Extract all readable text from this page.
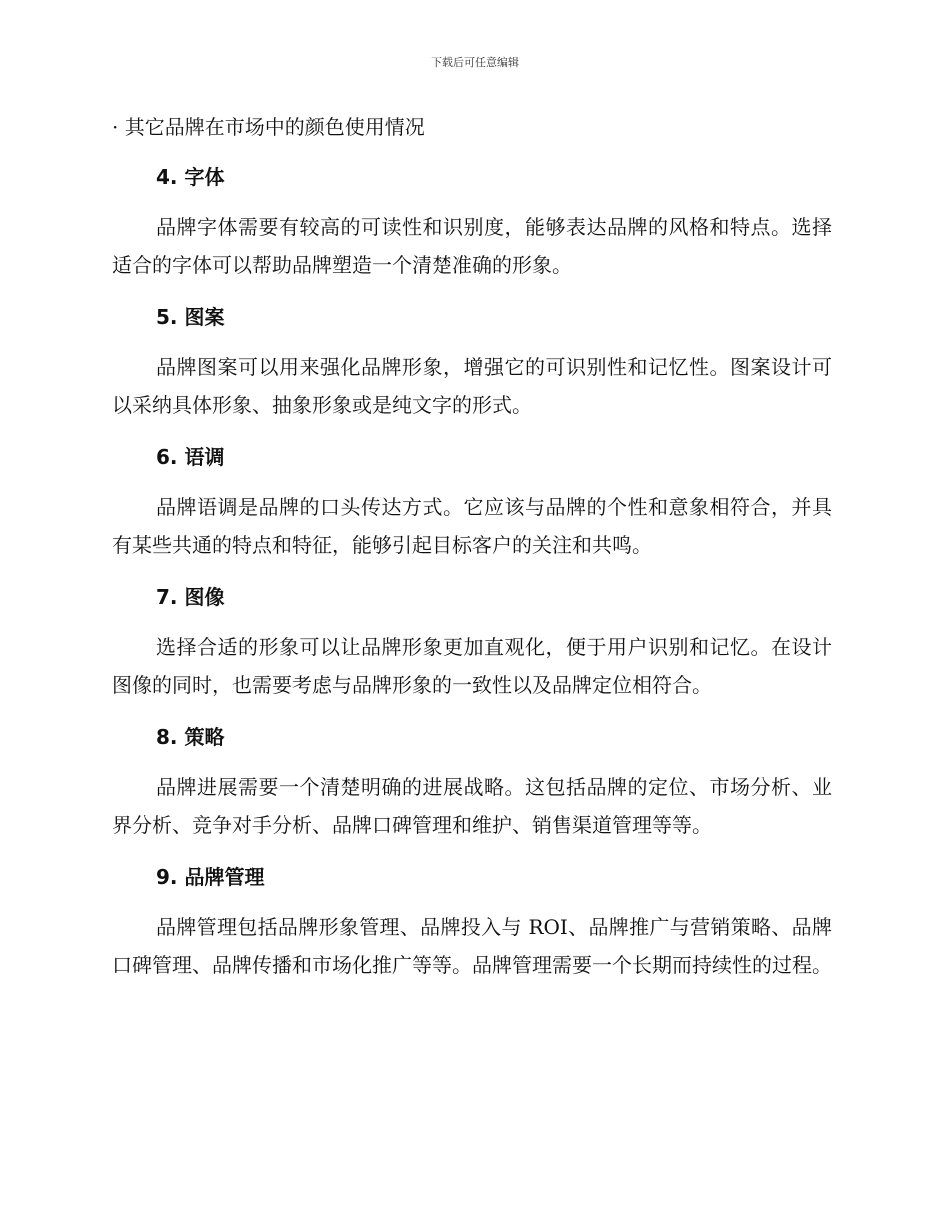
下载后可任意编辑
· 其它品牌在市场中的颜色使用情况
4. 字体

品牌字体需要有较高的可读性和识别度，能够表达品牌的风格和特点。选择适合的字体可以帮助品牌塑造一个清楚准确的形象。

5. 图案

品牌图案可以用来强化品牌形象，增强它的可识别性和记忆性。图案设计可以采纳具体形象、抽象形象或是纯文字的形式。

6. 语调

品牌语调是品牌的口头传达方式。它应该与品牌的个性和意象相符合，并具有某些共通的特点和特征，能够引起目标客户的关注和共鸣。

7. 图像

选择合适的形象可以让品牌形象更加直观化，便于用户识别和记忆。在设计图像的同时，也需要考虑与品牌形象的一致性以及品牌定位相符合。

8. 策略

品牌进展需要一个清楚明确的进展战略。这包括品牌的定位、市场分析、业界分析、竞争对手分析、品牌口碑管理和维护、销售渠道管理等等。

9. 品牌管理

品牌管理包括品牌形象管理、品牌投入与 ROI、品牌推广与营销策略、品牌口碑管理、品牌传播和市场化推广等等。品牌管理需要一个长期而持续性的过程。
